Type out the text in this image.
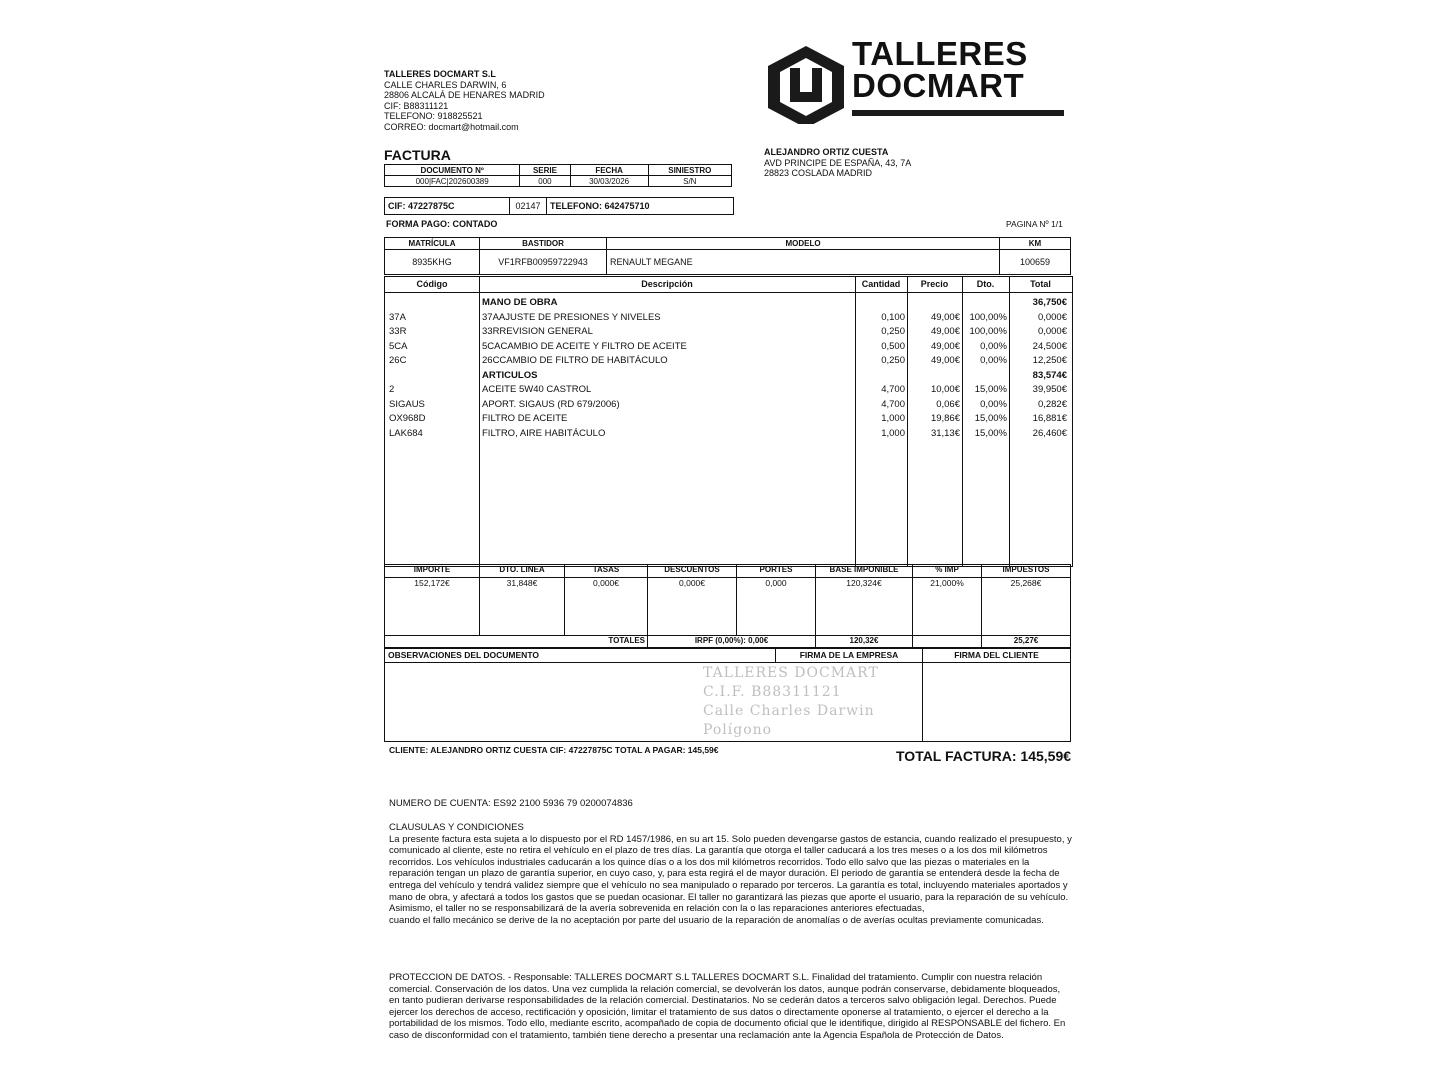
TALLERES DOCMART S.L
CALLE CHARLES DARWIN, 6
28806 ALCALÁ DE HENARES MADRID
CIF: B88311121
TELEFONO: 918825521
CORREO: docmart@hotmail.com
TALLERES
DOCMART
FACTURA
DOCUMENTO Nº	SERIE	FECHA	SINIESTRO
000|FAC|202600389	000	30/03/2026	S/N
ALEJANDRO ORTIZ CUESTA
AVD PRINCIPE DE ESPAÑA, 43, 7A
28823 COSLADA MADRID
CIF: 47227875C	02147	TELEFONO: 642475710
FORMA PAGO: CONTADO	PAGINA Nº 1/1
MATRÍCULA	BASTIDOR	MODELO	KM
8935KHG	VF1RFB00959722943	RENAULT MEGANE	100659
Código	Descripción	Cantidad	Precio	Dto.	Total
MANO DE OBRA	36,750€
37A	37AAJUSTE DE PRESIONES Y NIVELES	0,100	49,00€ 100,00%	0,000€
33R	33RREVISION GENERAL	0,250	49,00€ 100,00%	0,000€
5CA	5CACAMBIO DE ACEITE Y FILTRO DE ACEITE	0,500	49,00€	0,00%	24,500€
26C	26CCAMBIO DE FILTRO DE HABITÁCULO	0,250	49,00€	0,00%	12,250€
ARTICULOS	83,574€
2	ACEITE 5W40 CASTROL	4,700	10,00€	15,00%	39,950€
SIGAUS	APORT. SIGAUS (RD 679/2006)	4,700	0,06€	0,00%	0,282€
OX968D	FILTRO DE ACEITE	1,000	19,86€	15,00%	16,881€
LAK684	FILTRO, AIRE HABITÁCULO	1,000	31,13€	15,00%	26,460€
IMPORTE	DTO. LINEA	TASAS	DESCUENTOS	PORTES	BASE IMPONIBLE	% IMP	IMPUESTOS
152,172€	31,848€	0,000€	0,000€	0,000	120,324€	21,000%	25,268€
TOTALES			IRPF (0,00%): 0,00€		120,32€		25,27€
OBSERVACIONES DEL DOCUMENTO	FIRMA DE LA EMPRESA	FIRMA DEL CLIENTE

TALLERES DOCMART
C.I.F. B88311121
Calle Charles Darwin
Polígono
CLIENTE: ALEJANDRO ORTIZ CUESTA CIF: 47227875C TOTAL A PAGAR: 145,59€	TOTAL FACTURA: 145,59€
NUMERO DE CUENTA: ES92 2100 5936 79 0200074836
CLAUSULAS Y CONDICIONES
La presente factura esta sujeta a lo dispuesto por el RD 1457/1986, en su art 15. Solo pueden devengarse gastos de estancia, cuando realizado el presupuesto, y comunicado al cliente, este no retira el vehículo en el plazo de tres días. La garantía que otorga el taller caducará a los tres meses o a los dos mil kilómetros recorridos. Los vehículos industriales caducarán a los quince días o a los dos mil kilómetros recorridos. Todo ello salvo que las piezas o materiales en la reparación tengan un plazo de garantía superior, en cuyo caso, y, para esta regirá el de mayor duración. El periodo de garantía se entenderá desde la fecha de entrega del vehículo y tendrá validez siempre que el vehículo no sea manipulado o reparado por terceros. La garantía es total, incluyendo materiales aportados y mano de obra, y afectará a todos los gastos que se puedan ocasionar. El taller no garantizará las piezas que aporte el usuario, para la reparación de su vehículo. Asimismo, el taller no se responsabilizará de la avería sobrevenida en relación con la o las reparaciones anteriores efectuadas,
cuando el fallo mecánico se derive de la no aceptación por parte del usuario de la reparación de anomalías o de averías ocultas previamente comunicadas.
PROTECCION DE DATOS. - Responsable: TALLERES DOCMART S.L TALLERES DOCMART S.L. Finalidad del tratamiento. Cumplir con nuestra relación comercial. Conservación de los datos. Una vez cumplida la relación comercial, se devolverán los datos, aunque podrán conservarse, debidamente bloqueados, en tanto pudieran derivarse responsabilidades de la relación comercial. Destinatarios. No se cederán datos a terceros salvo obligación legal. Derechos. Puede ejercer los derechos de acceso, rectificación y oposición, limitar el tratamiento de sus datos o directamente oponerse al tratamiento, o ejercer el derecho a la portabilidad de los mismos. Todo ello, mediante escrito, acompañado de copia de documento oficial que le identifique, dirigido al RESPONSABLE del fichero. En caso de disconformidad con el tratamiento, también tiene derecho a presentar una reclamación ante la Agencia Española de Protección de Datos.
